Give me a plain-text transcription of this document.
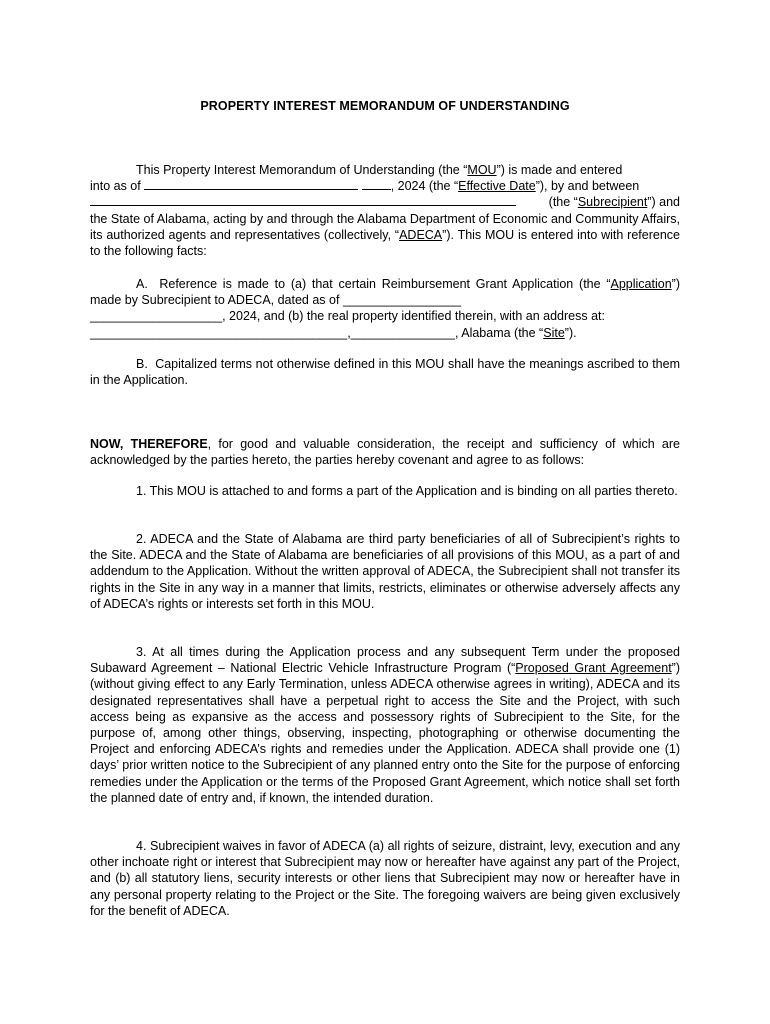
PROPERTY INTEREST MEMORANDUM OF UNDERSTANDING
This Property Interest Memorandum of Understanding (the “MOU”) is made and entered
into as of	, 2024 (the “Effective Date”), by and between
(the “Subrecipient”) and
the State of Alabama, acting by and through the Alabama Department of Economic and Community Affairs, its authorized agents and representatives (collectively, “ADECA”). This MOU is entered into with reference to the following facts:
A. Reference is made to (a) that certain Reimbursement Grant Application (the “Application”) made by Subrecipient to ADECA, dated as of _________________
___________________, 2024, and (b) the real property identified therein, with an address at:
_____________________________________,_______________, Alabama (the “Site”).
B. Capitalized terms not otherwise defined in this MOU shall have the meanings ascribed to them in the Application.
NOW, THEREFORE, for good and valuable consideration, the receipt and sufficiency of which are acknowledged by the parties hereto, the parties hereby covenant and agree to as follows:
1. This MOU is attached to and forms a part of the Application and is binding on all parties thereto.
2. ADECA and the State of Alabama are third party beneficiaries of all of Subrecipient’s rights to the Site. ADECA and the State of Alabama are beneficiaries of all provisions of this MOU, as a part of and addendum to the Application. Without the written approval of ADECA, the Subrecipient shall not transfer its rights in the Site in any way in a manner that limits, restricts, eliminates or otherwise adversely affects any of ADECA’s rights or interests set forth in this MOU.
3. At all times during the Application process and any subsequent Term under the proposed Subaward Agreement – National Electric Vehicle Infrastructure Program (“Proposed Grant Agreement”) (without giving effect to any Early Termination, unless ADECA otherwise agrees in writing), ADECA and its designated representatives shall have a perpetual right to access the Site and the Project, with such access being as expansive as the access and possessory rights of Subrecipient to the Site, for the purpose of, among other things, observing, inspecting, photographing or otherwise documenting the Project and enforcing ADECA’s rights and remedies under the Application. ADECA shall provide one (1) days’ prior written notice to the Subrecipient of any planned entry onto the Site for the purpose of enforcing remedies under the Application or the terms of the Proposed Grant Agreement, which notice shall set forth the planned date of entry and, if known, the intended duration.
4. Subrecipient waives in favor of ADECA (a) all rights of seizure, distraint, levy, execution and any other inchoate right or interest that Subrecipient may now or hereafter have against any part of the Project, and (b) all statutory liens, security interests or other liens that Subrecipient may now or hereafter have in any personal property relating to the Project or the Site. The foregoing waivers are being given exclusively for the benefit of ADECA.
